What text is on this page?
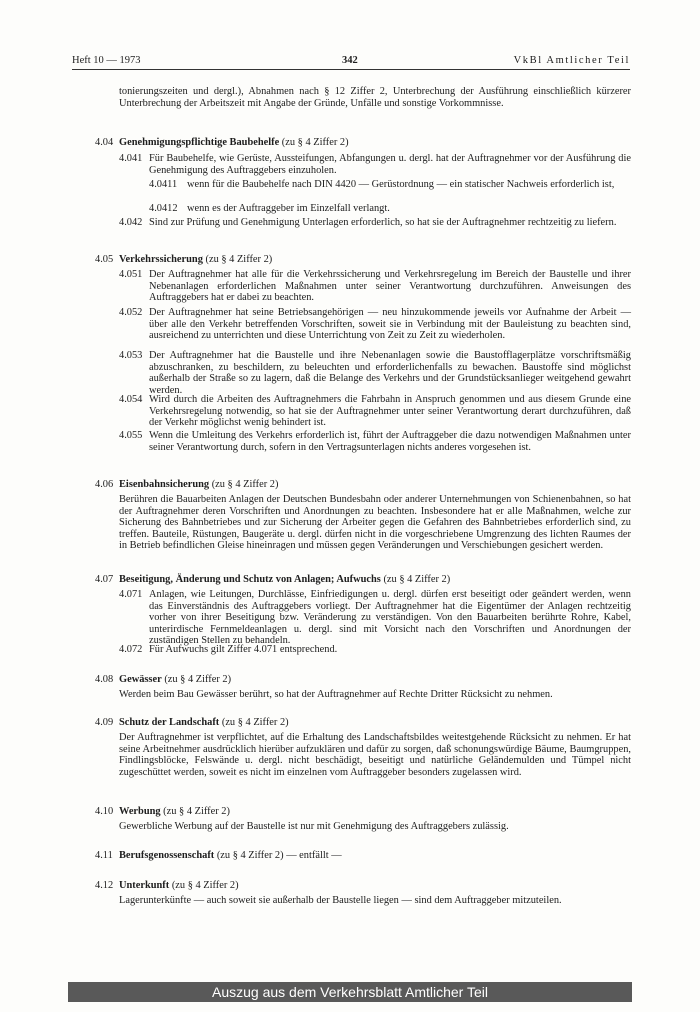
Heft 10 — 1973	342	VkBl Amtlicher Teil
tonierungszeiten und dergl.), Abnahmen nach § 12 Ziffer 2, Unterbrechung der Ausführung einschließlich kürzerer Unterbrechung der Arbeitszeit mit Angabe der Gründe, Unfälle und sonstige Vorkommnisse.
4.04 Genehmigungspflichtige Baubehelfe (zu § 4 Ziffer 2)
4.041 Für Baubehelfe, wie Gerüste, Aussteifungen, Abfangungen u. dergl. hat der Auftragnehmer vor der Ausführung die Genehmigung des Auftraggebers einzuholen.
4.0411 wenn für die Baubehelfe nach DIN 4420 — Gerüstordnung — ein statischer Nachweis erforderlich ist,
4.0412 wenn es der Auftraggeber im Einzelfall verlangt.
4.042 Sind zur Prüfung und Genehmigung Unterlagen erforderlich, so hat sie der Auftragnehmer rechtzeitig zu liefern.
4.05 Verkehrssicherung (zu § 4 Ziffer 2)
4.051 Der Auftragnehmer hat alle für die Verkehrssicherung und Verkehrsregelung im Bereich der Baustelle und ihrer Nebenanlagen erforderlichen Maßnahmen unter seiner Verantwortung durchzuführen. Anweisungen des Auftraggebers hat er dabei zu beachten.
4.052 Der Auftragnehmer hat seine Betriebsangehörigen — neu hinzukommende jeweils vor Aufnahme der Arbeit — über alle den Verkehr betreffenden Vorschriften, soweit sie in Verbindung mit der Bauleistung zu beachten sind, ausreichend zu unterrichten und diese Unterrichtung von Zeit zu Zeit zu wiederholen.
4.053 Der Auftragnehmer hat die Baustelle und ihre Nebenanlagen sowie die Baustofflagerplätze vorschriftsmäßig abzuschranken, zu beschildern, zu beleuchten und erforderlichenfalls zu bewachen. Baustoffe sind möglichst außerhalb der Straße so zu lagern, daß die Belange des Verkehrs und der Grundstücksanlieger weitgehend gewahrt werden.
4.054 Wird durch die Arbeiten des Auftragnehmers die Fahrbahn in Anspruch genommen und aus diesem Grunde eine Verkehrsregelung notwendig, so hat sie der Auftragnehmer unter seiner Verantwortung derart durchzuführen, daß der Verkehr möglichst wenig behindert ist.
4.055 Wenn die Umleitung des Verkehrs erforderlich ist, führt der Auftraggeber die dazu notwendigen Maßnahmen unter seiner Verantwortung durch, sofern in den Vertragsunterlagen nichts anderes vorgesehen ist.
4.06 Eisenbahnsicherung (zu § 4 Ziffer 2)
Berühren die Bauarbeiten Anlagen der Deutschen Bundesbahn oder anderer Unternehmungen von Schienenbahnen, so hat der Auftragnehmer deren Vorschriften und Anordnungen zu beachten. Insbesondere hat er alle Maßnahmen, welche zur Sicherung des Bahnbetriebes und zur Sicherung der Arbeiter gegen die Gefahren des Bahnbetriebes erforderlich sind, zu treffen. Bauteile, Rüstungen, Baugeräte u. dergl. dürfen nicht in die vorgeschriebene Umgrenzung des lichten Raumes der in Betrieb befindlichen Gleise hineinragen und müssen gegen Veränderungen und Verschiebungen gesichert werden.
4.07 Beseitigung, Änderung und Schutz von Anlagen; Aufwuchs (zu § 4 Ziffer 2)
4.071 Anlagen, wie Leitungen, Durchlässe, Einfriedigungen u. dergl. dürfen erst beseitigt oder geändert werden, wenn das Einverständnis des Auftraggebers vorliegt. Der Auftragnehmer hat die Eigentümer der Anlagen rechtzeitig vorher von ihrer Beseitigung bzw. Veränderung zu verständigen. Von den Bauarbeiten berührte Rohre, Kabel, unterirdische Fernmeldeanlagen u. dergl. sind mit Vorsicht nach den Vorschriften und Anordnungen der zuständigen Stellen zu behandeln.
4.072 Für Aufwuchs gilt Ziffer 4.071 entsprechend.
4.08 Gewässer (zu § 4 Ziffer 2)
Werden beim Bau Gewässer berührt, so hat der Auftragnehmer auf Rechte Dritter Rücksicht zu nehmen.
4.09 Schutz der Landschaft (zu § 4 Ziffer 2)
Der Auftragnehmer ist verpflichtet, auf die Erhaltung des Landschaftsbildes weitestgehende Rücksicht zu nehmen. Er hat seine Arbeitnehmer ausdrücklich hierüber aufzuklären und dafür zu sorgen, daß schonungswürdige Bäume, Baumgruppen, Findlingsblöcke, Felswände u. dergl. nicht beschädigt, beseitigt und natürliche Geländemulden und Tümpel nicht zugeschüttet werden, soweit es nicht im einzelnen vom Auftraggeber besonders zugelassen wird.
4.10 Werbung (zu § 4 Ziffer 2)
Gewerbliche Werbung auf der Baustelle ist nur mit Genehmigung des Auftraggebers zulässig.
4.11 Berufsgenossenschaft (zu § 4 Ziffer 2) — entfällt —
4.12 Unterkunft (zu § 4 Ziffer 2)
Lagerunterkünfte — auch soweit sie außerhalb der Baustelle liegen — sind dem Auftraggeber mitzuteilen.
Auszug aus dem Verkehrsblatt Amtlicher Teil
